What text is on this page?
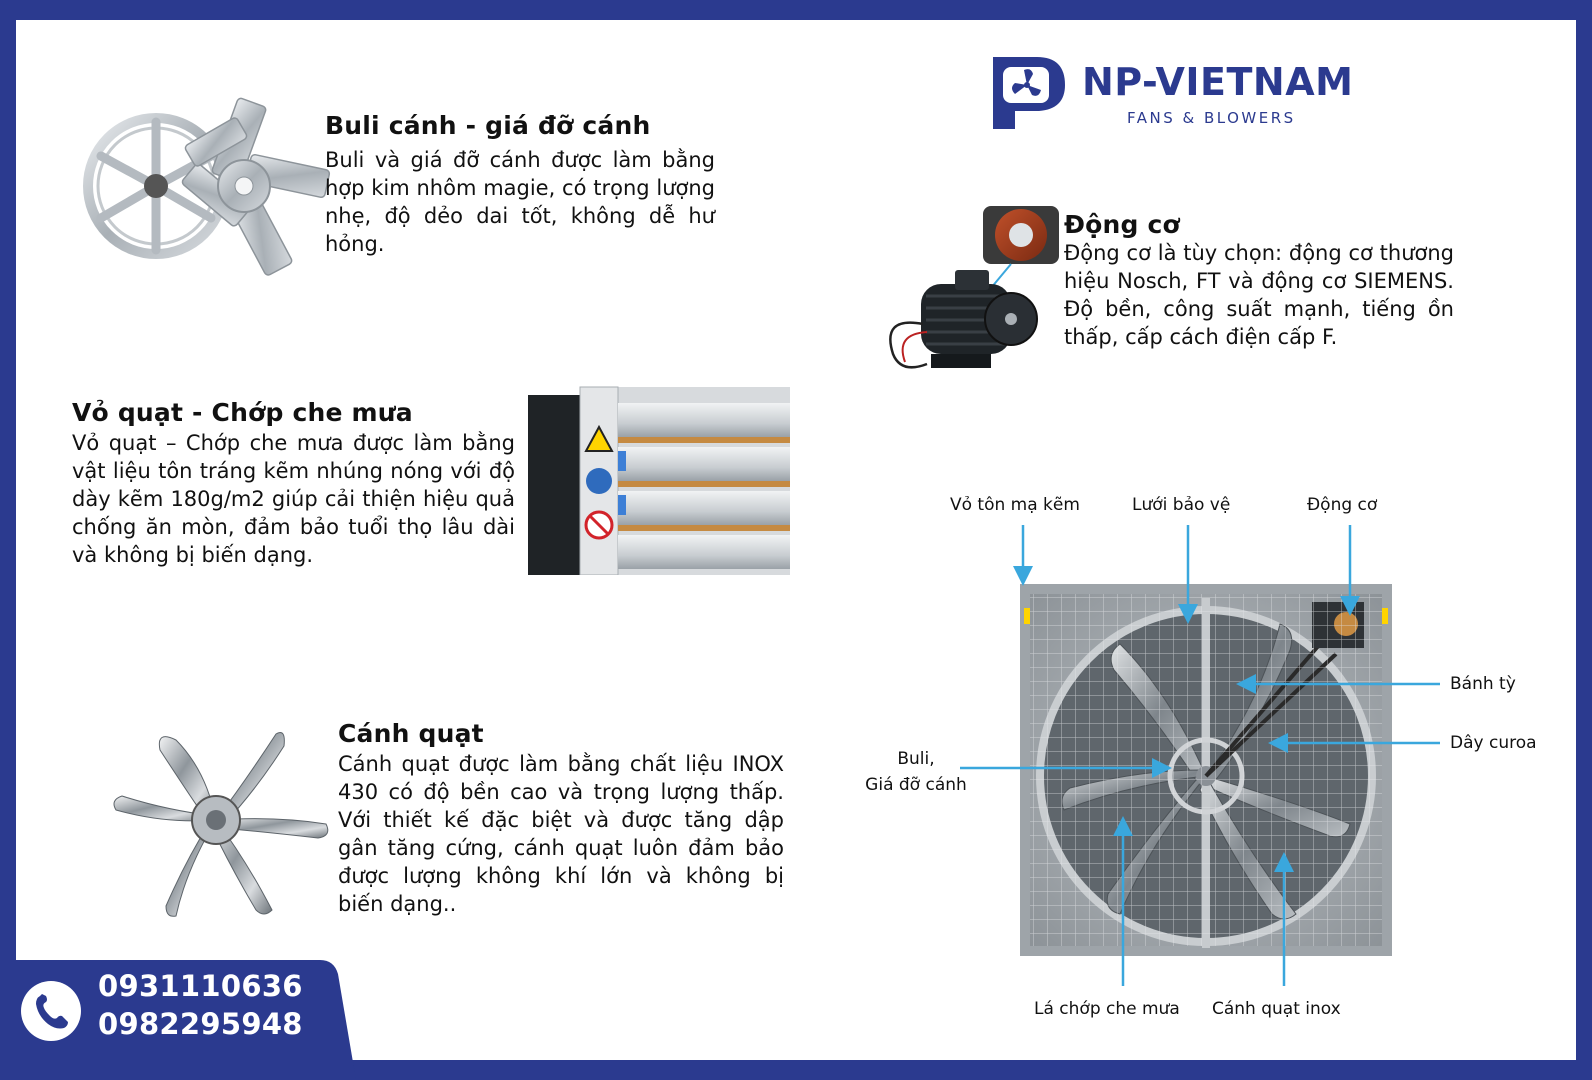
NP-VIETNAM
FANS & BLOWERS
Buli cánh - giá đỡ cánh
Buli và giá đỡ cánh được làm bằng hợp kim nhôm magie, có trọng lượng nhẹ, độ dẻo dai tốt, không dễ hư hỏng.
Động cơ
Động cơ là tùy chọn: động cơ thương hiệu Nosch, FT và động cơ SIEMENS. Độ bền, công suất mạnh, tiếng ồn thấp, cấp cách điện cấp F.
Vỏ quạt - Chớp che mưa
Vỏ quạt – Chớp che mưa được làm bằng vật liệu tôn tráng kẽm nhúng nóng với độ dày kẽm 180g/m2 giúp cải thiện hiệu quả chống ăn mòn, đảm bảo tuổi thọ lâu dài và không bị biến dạng.
Cánh quạt
Cánh quạt được làm bằng chất liệu INOX 430 có độ bền cao và trọng lượng thấp. Với thiết kế đặc biệt và được tăng dập gân tăng cứng, cánh quạt luôn đảm bảo được lượng không khí lớn và không bị biến dạng..
Vỏ tôn mạ kẽm	Lưới bảo vệ	Động cơ
Bánh tỳ
Dây curoa
Buli,
Giá đỡ cánh
Lá chớp che mưa Cánh quạt inox
0931110636
0982295948
